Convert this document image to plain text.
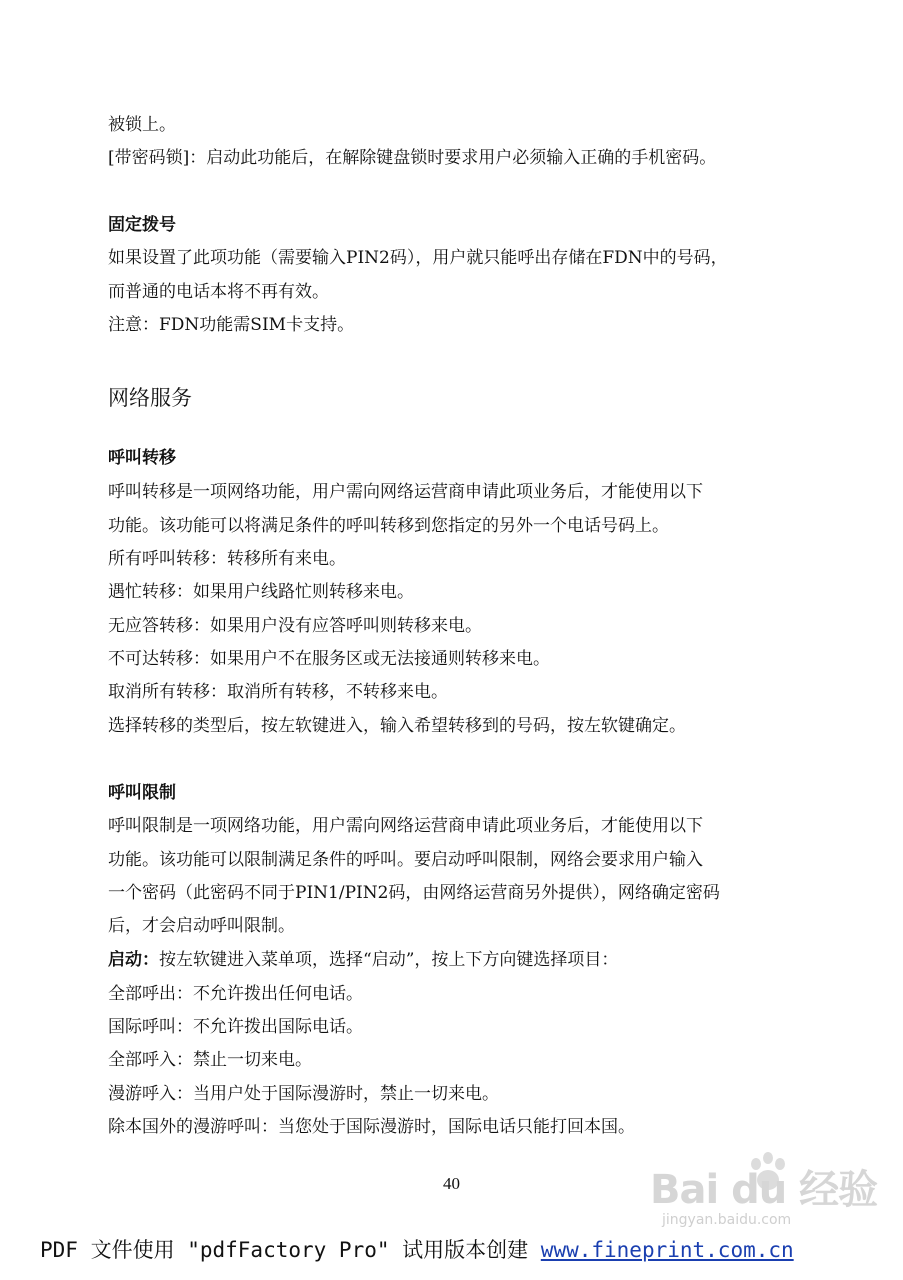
被锁上。
[带密码锁]：启动此功能后，在解除键盘锁时要求用户必须输入正确的手机密码。
固定拨号
如果设置了此项功能（需要输入PIN2码），用户就只能呼出存储在FDN中的号码，
而普通的电话本将不再有效。
注意：FDN功能需SIM卡支持。
网络服务
呼叫转移
呼叫转移是一项网络功能，用户需向网络运营商申请此项业务后，才能使用以下
功能。该功能可以将满足条件的呼叫转移到您指定的另外一个电话号码上。
所有呼叫转移：转移所有来电。
遇忙转移：如果用户线路忙则转移来电。
无应答转移：如果用户没有应答呼叫则转移来电。
不可达转移：如果用户不在服务区或无法接通则转移来电。
取消所有转移：取消所有转移，不转移来电。
选择转移的类型后，按左软键进入，输入希望转移到的号码，按左软键确定。
呼叫限制
呼叫限制是一项网络功能，用户需向网络运营商申请此项业务后，才能使用以下
功能。该功能可以限制满足条件的呼叫。要启动呼叫限制，网络会要求用户输入
一个密码（此密码不同于PIN1/PIN2码，由网络运营商另外提供），网络确定密码
后，才会启动呼叫限制。
启动：按左软键进入菜单项，选择“启动”，按上下方向键选择项目：
全部呼出：不允许拨出任何电话。
国际呼叫：不允许拨出国际电话。
全部呼入：禁止一切来电。
漫游呼入：当用户处于国际漫游时，禁止一切来电。
除本国外的漫游呼叫：当您处于国际漫游时，国际电话只能打回本国。
40	Bai du 经验
jingyan.baidu.com
PDF 文件使用 "pdfFactory Pro" 试用版本创建 www.fineprint.com.cn
